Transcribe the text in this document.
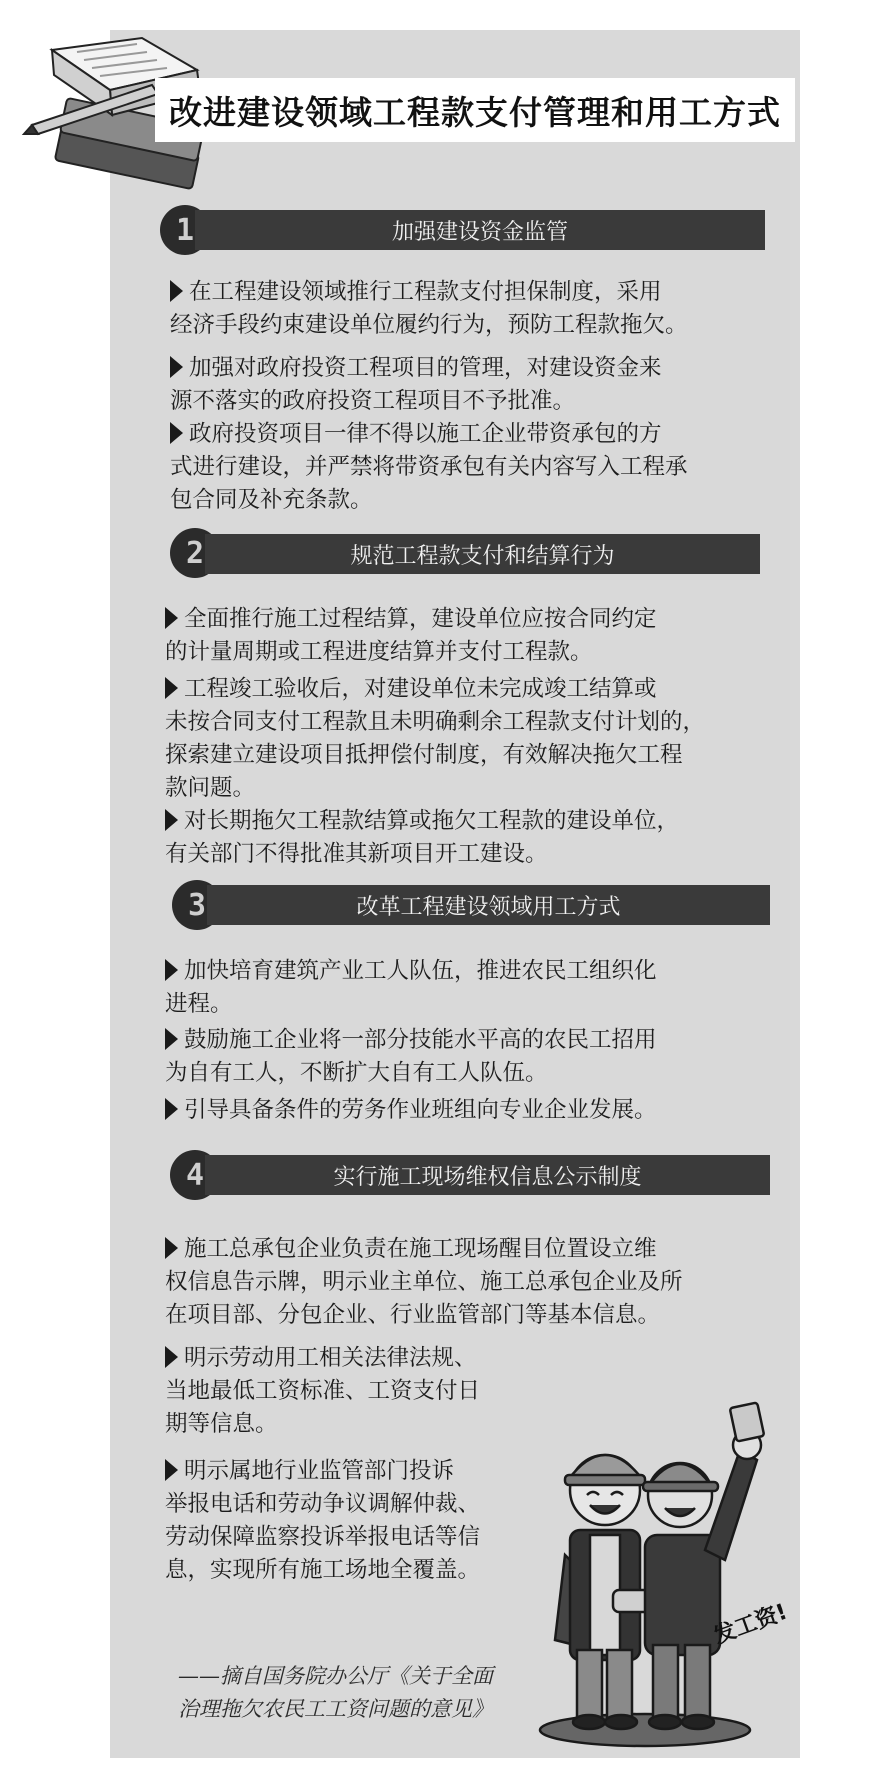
改进建设领域工程款支付管理和用工方式
1	加强建设资金监管
在工程建设领域推行工程款支付担保制度，采用
经济手段约束建设单位履约行为，预防工程款拖欠。
加强对政府投资工程项目的管理，对建设资金来
源不落实的政府投资工程项目不予批准。
政府投资项目一律不得以施工企业带资承包的方
式进行建设，并严禁将带资承包有关内容写入工程承
包合同及补充条款。
2	规范工程款支付和结算行为
全面推行施工过程结算，建设单位应按合同约定
的计量周期或工程进度结算并支付工程款。
工程竣工验收后，对建设单位未完成竣工结算或
未按合同支付工程款且未明确剩余工程款支付计划的，
探索建立建设项目抵押偿付制度，有效解决拖欠工程
款问题。
对长期拖欠工程款结算或拖欠工程款的建设单位，
有关部门不得批准其新项目开工建设。
3	改革工程建设领域用工方式
加快培育建筑产业工人队伍，推进农民工组织化
进程。
鼓励施工企业将一部分技能水平高的农民工招用
为自有工人，不断扩大自有工人队伍。
引导具备条件的劳务作业班组向专业企业发展。
4	实行施工现场维权信息公示制度
施工总承包企业负责在施工现场醒目位置设立维
权信息告示牌，明示业主单位、施工总承包企业及所
在项目部、分包企业、行业监管部门等基本信息。
明示劳动用工相关法律法规、
当地最低工资标准、工资支付日
期等信息。
明示属地行业监管部门投诉
举报电话和劳动争议调解仲裁、
劳动保障监察投诉举报电话等信
息，实现所有施工场地全覆盖。
——摘自国务院办公厅《关于全面
治理拖欠农民工工资问题的意见》
发工资!
